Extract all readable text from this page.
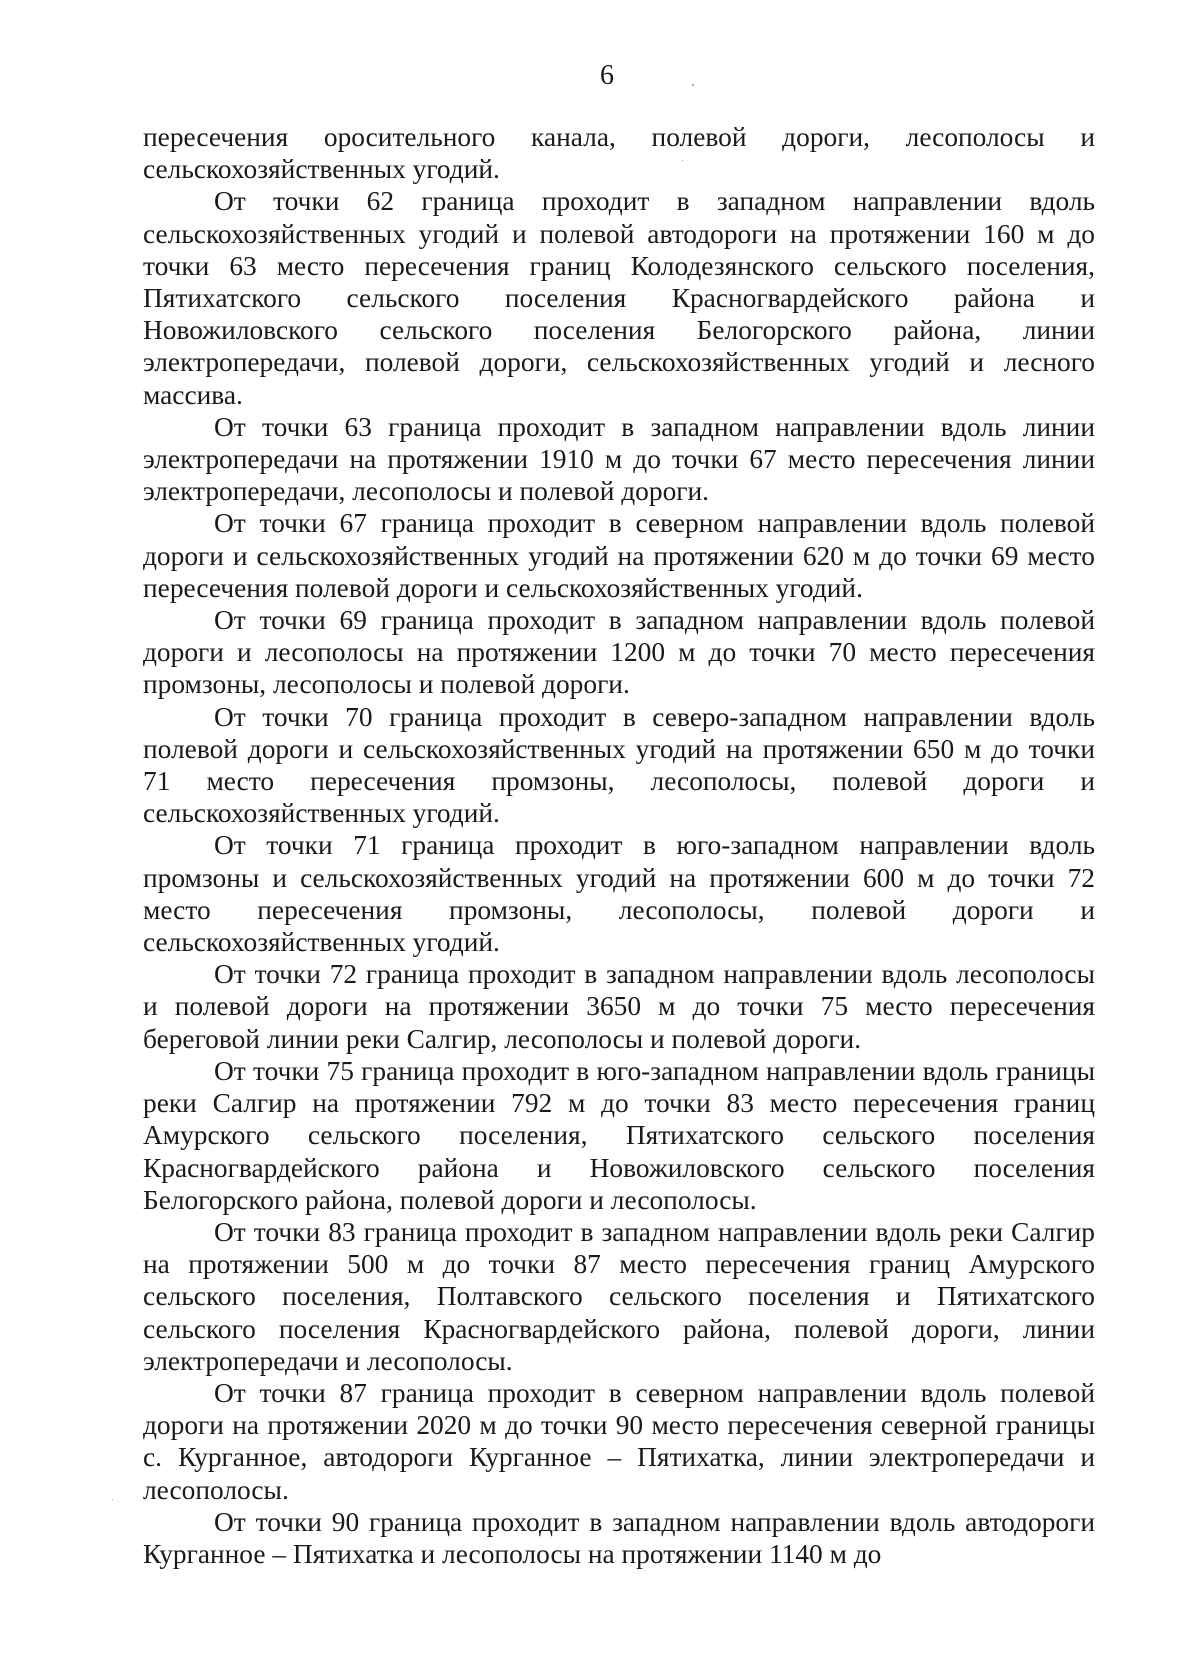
6

пересечения оросительного канала, полевой дороги, лесополосы и сельскохозяйственных угодий.

От точки 62 граница проходит в западном направлении вдоль сельскохозяйственных угодий и полевой автодороги на протяжении 160 м до точки 63 место пересечения границ Колодезянского сельского поселения, Пятихатского сельского поселения Красногвардейского района и Новожиловского сельского поселения Белогорского района, линии электропередачи, полевой дороги, сельскохозяйственных угодий и лесного массива.

От точки 63 граница проходит в западном направлении вдоль линии электропередачи на протяжении 1910 м до точки 67 место пересечения линии электропередачи, лесополосы и полевой дороги.

От точки 67 граница проходит в северном направлении вдоль полевой дороги и сельскохозяйственных угодий на протяжении 620 м до точки 69 место пересечения полевой дороги и сельскохозяйственных угодий.

От точки 69 граница проходит в западном направлении вдоль полевой дороги и лесополосы на протяжении 1200 м до точки 70 место пересечения промзоны, лесополосы и полевой дороги.

От точки 70 граница проходит в северо-западном направлении вдоль полевой дороги и сельскохозяйственных угодий на протяжении 650 м до точки 71 место пересечения промзоны, лесополосы, полевой дороги и сельскохозяйственных угодий.

От точки 71 граница проходит в юго-западном направлении вдоль промзоны и сельскохозяйственных угодий на протяжении 600 м до точки 72 место пересечения промзоны, лесополосы, полевой дороги и сельскохозяйственных угодий.

От точки 72 граница проходит в западном направлении вдоль лесополосы и полевой дороги на протяжении 3650 м до точки 75 место пересечения береговой линии реки Салгир, лесополосы и полевой дороги.

От точки 75 граница проходит в юго-западном направлении вдоль границы реки Салгир на протяжении 792 м до точки 83 место пересечения границ Амурского сельского поселения, Пятихатского сельского поселения Красногвардейского района и Новожиловского сельского поселения Белогорского района, полевой дороги и лесополосы.

От точки 83 граница проходит в западном направлении вдоль реки Салгир на протяжении 500 м до точки 87 место пересечения границ Амурского сельского поселения, Полтавского сельского поселения и Пятихатского сельского поселения Красногвардейского района, полевой дороги, линии электропередачи и лесополосы.

От точки 87 граница проходит в северном направлении вдоль полевой дороги на протяжении 2020 м до точки 90 место пересечения северной границы с. Курганное, автодороги Курганное – Пятихатка, линии электропередачи и лесополосы.

От точки 90 граница проходит в западном направлении вдоль автодороги Курганное – Пятихатка и лесополосы на протяжении 1140 м до
